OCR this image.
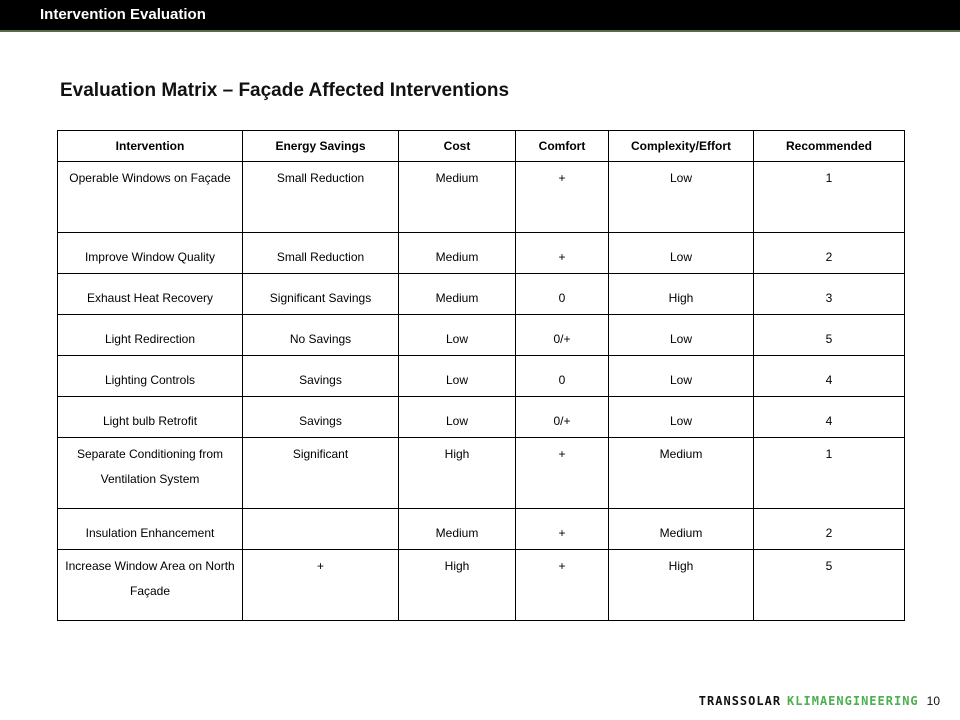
Intervention Evaluation
Evaluation Matrix – Façade Affected Interventions
Intervention	Energy Savings	Cost	Comfort	Complexity/Effort	Recommended
Operable Windows on Façade	Small Reduction	Medium	+	Low	1
Improve Window Quality	Small Reduction	Medium	+	Low	2
Exhaust Heat Recovery	Significant Savings	Medium	0	High	3
Light Redirection	No Savings	Low	0/+	Low	5
Lighting Controls	Savings	Low	0	Low	4
Light bulb Retrofit	Savings	Low	0/+	Low	4
Separate Conditioning from Ventilation System	Significant	High	+	Medium	1
Insulation Enhancement		Medium	+	Medium	2
Increase Window Area on North Façade	+	High	+	High	5
TRANSSOLAR KLIMAENGINEERING 10
